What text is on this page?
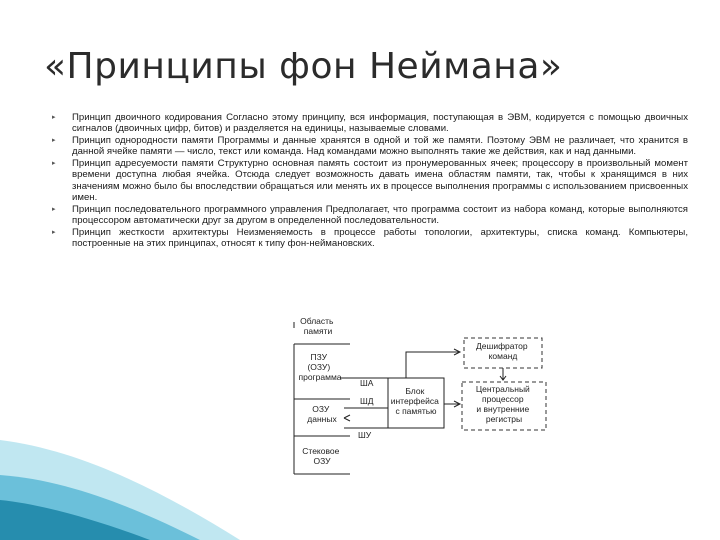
«Принципы фон Неймана»
▸ Принцип двоичного кодирования Согласно этому принципу, вся информация, поступающая в ЭВМ, кодируется с помощью двоичных сигналов (двоичных цифр, битов) и разделяется на единицы, называемые словами.
▸ Принцип однородности памяти Программы и данные хранятся в одной и той же памяти. Поэтому ЭВМ не различает, что хранится в данной ячейке памяти — число, текст или команда. Над командами можно выполнять такие же действия, как и над данными.
▸ Принцип адресуемости памяти Структурно основная память состоит из пронумерованных ячеек; процессору в произвольный момент времени доступна любая ячейка. Отсюда следует возможность давать имена областям памяти, так, чтобы к хранящимся в них значениям можно было бы впоследствии обращаться или менять их в процессе выполнения программы с использованием присвоенных имен.
▸ Принцип последовательного программного управления Предполагает, что программа состоит из набора команд, которые выполняются процессором автоматически друг за другом в определенной последовательности.
▸ Принцип жесткости архитектуры Неизменяемость в процессе работы топологии, архитектуры, списка команд. Компьютеры, построенные на этих принципах, относят к типу фон-неймановских.
Область памяти
ПЗУ (ОЗУ) программа
ОЗУ данных
Стековое ОЗУ
ША
ШД
ШУ
Блок интерфейса с памятью
Дешифратор команд
Центральный процессор и внутренние регистры
